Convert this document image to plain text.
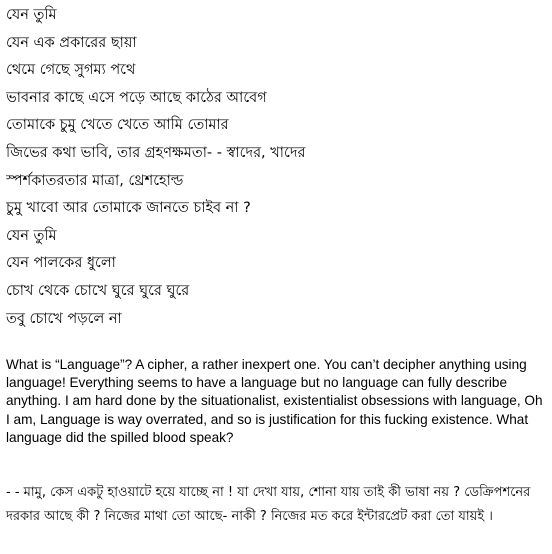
যেন তুমি
যেন এক প্রকারের ছায়া
থেমে গেছে সুগম্য পথে
ভাবনার কাছে এসে পড়ে আছে কাঠের আবেগ
তোমাকে চুমু খেতে খেতে আমি তোমার
জিভের কথা ভাবি, তার গ্রহণক্ষমতা- - স্বাদের, খাদের
স্পর্শকাতরতার মাত্রা, থ্রেশহোল্ড
চুমু খাবো আর তোমাকে জানতে চাইব না ?
যেন তুমি
যেন পালকের ধুলো
চোখ থেকে চোখে ঘুরে ঘুরে ঘুরে
তবু চোখে পড়লে না

What is “Language”? A cipher, a rather inexpert one. You can’t decipher anything using language! Everything seems to have a language but no language can fully describe anything. I am hard done by the situationalist, existentialist obsessions with language, Oh I am, Language is way overrated, and so is justification for this fucking existence. What language did the spilled blood speak?

- - মামু, কেস একটু হাওয়াটে হয়ে যাচ্ছে না ! যা দেখা যায়, শোনা যায় তাই কী ভাষা নয় ? ডেক্রিপশনের দরকার আছে কী ? নিজের মাথা তো আছে- নাকী ? নিজের মত করে ইন্টারপ্রেট করা তো যায়ই ।
